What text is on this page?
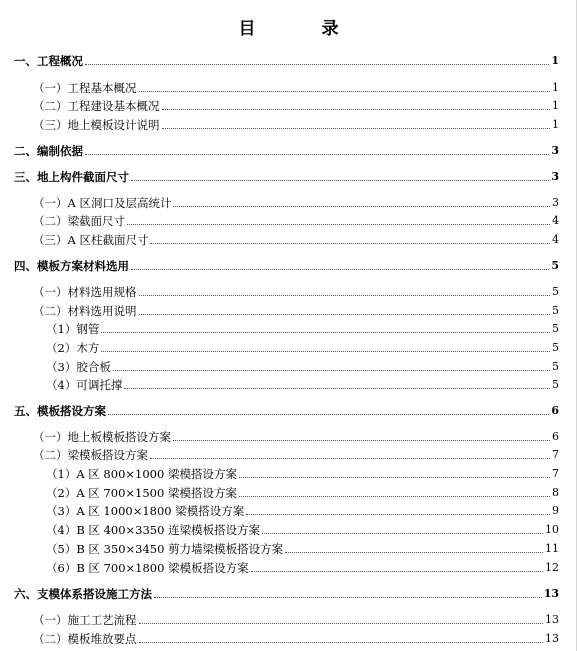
目 录
一、工程概况	1
（一）工程基本概况	1
（二）工程建设基本概况	1
（三）地上模板设计说明	1
二、编制依据	3
三、地上构件截面尺寸	3
（一）A 区洞口及层高统计	3
（二）梁截面尺寸	4
（三）A 区柱截面尺寸	4
四、模板方案材料选用	5
（一）材料选用规格	5
（二）材料选用说明	5
（1）钢管	5
（2）木方	5
（3）胶合板	5
（4）可调托撑	5
五、模板搭设方案	6
（一）地上板模板搭设方案	6
（二）梁模板搭设方案	7
（1）A 区 800×1000 梁模搭设方案	7
（2）A 区 700×1500 梁模搭设方案	8
（3）A 区 1000×1800 梁模搭设方案	9
（4）B 区 400×3350 连梁模板搭设方案	10
（5）B 区 350×3450 剪力墙梁模板搭设方案	11
（6）B 区 700×1800 梁模板搭设方案	12
六、支模体系搭设施工方法	13
（一）施工工艺流程	13
（二）模板堆放要点	13
